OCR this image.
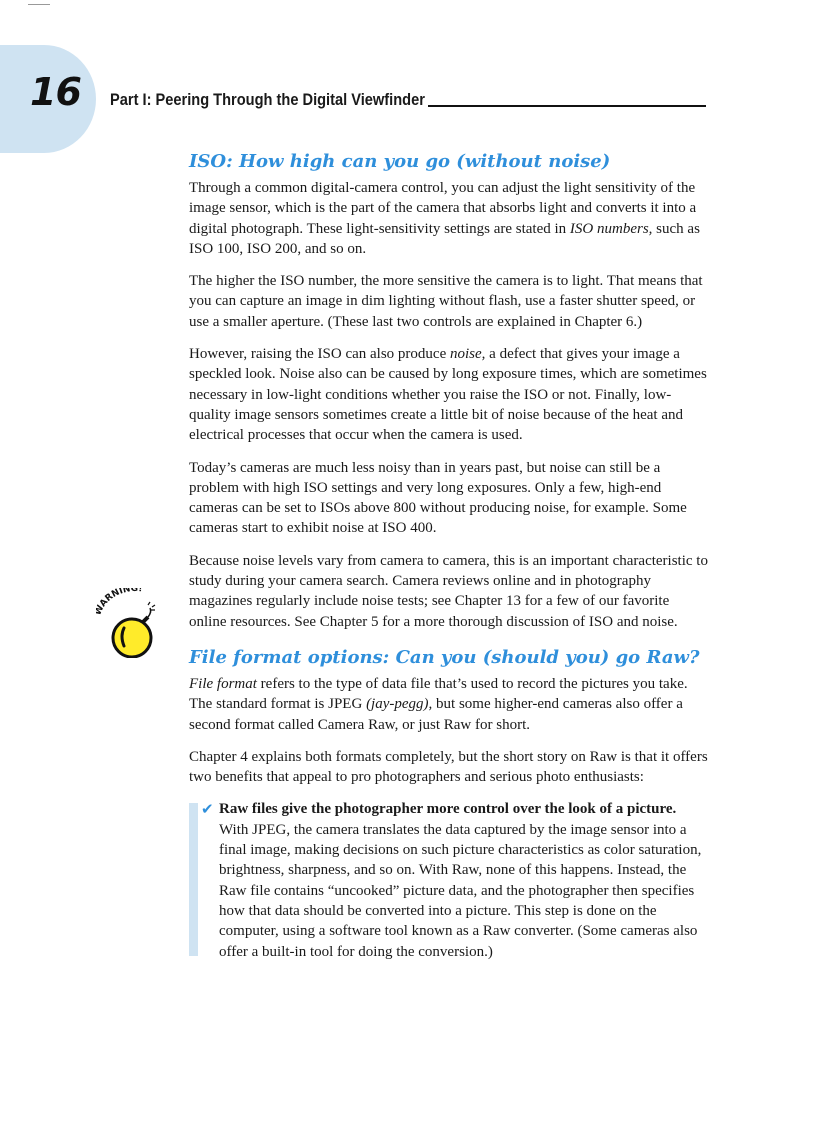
16 Part I: Peering Through the Digital Viewfinder
ARNING!
ISO: How high can you go (without noise)

Through a common digital-camera control, you can adjust the light sensitivity of the image sensor, which is the part of the camera that absorbs light and converts it into a digital photograph. These light-sensitivity settings are stated in ISO numbers, such as ISO 100, ISO 200, and so on.

The higher the ISO number, the more sensitive the camera is to light. That means that you can capture an image in dim lighting without flash, use a faster shutter speed, or use a smaller aperture. (These last two controls are explained in Chapter 6.)

However, raising the ISO can also produce noise, a defect that gives your image a speckled look. Noise also can be caused by long exposure times, which are sometimes necessary in low-light conditions whether you raise the ISO or not. Finally, low-quality image sensors sometimes create a little bit of noise because of the heat and electrical processes that occur when the camera is used.

Today’s cameras are much less noisy than in years past, but noise can still be a problem with high ISO settings and very long exposures. Only a few, high-end cameras can be set to ISOs above 800 without producing noise, for example. Some cameras start to exhibit noise at ISO 400.

Because noise levels vary from camera to camera, this is an important characteristic to study during your camera search. Camera reviews online and in photography magazines regularly include noise tests; see Chapter 13 for a few of our favorite online resources. See Chapter 5 for a more thorough discussion of ISO and noise.

File format options: Can you (should you) go Raw?

File format refers to the type of data file that’s used to record the pictures you take. The standard format is JPEG (jay-pegg), but some higher-end cameras also offer a second format called Camera Raw, or just Raw for short.

Chapter 4 explains both formats completely, but the short story on Raw is that it offers two benefits that appeal to pro photographers and serious photo enthusiasts:

✔ Raw files give the photographer more control over the look of a picture. With JPEG, the camera translates the data captured by the image sensor into a final image, making decisions on such picture characteristics as color saturation, brightness, sharpness, and so on. With Raw, none of this happens. Instead, the Raw file contains “uncooked” picture data, and the photographer then specifies how that data should be converted into a picture. This step is done on the computer, using a software tool known as a Raw converter. (Some cameras also offer a built-in tool for doing the conversion.)
